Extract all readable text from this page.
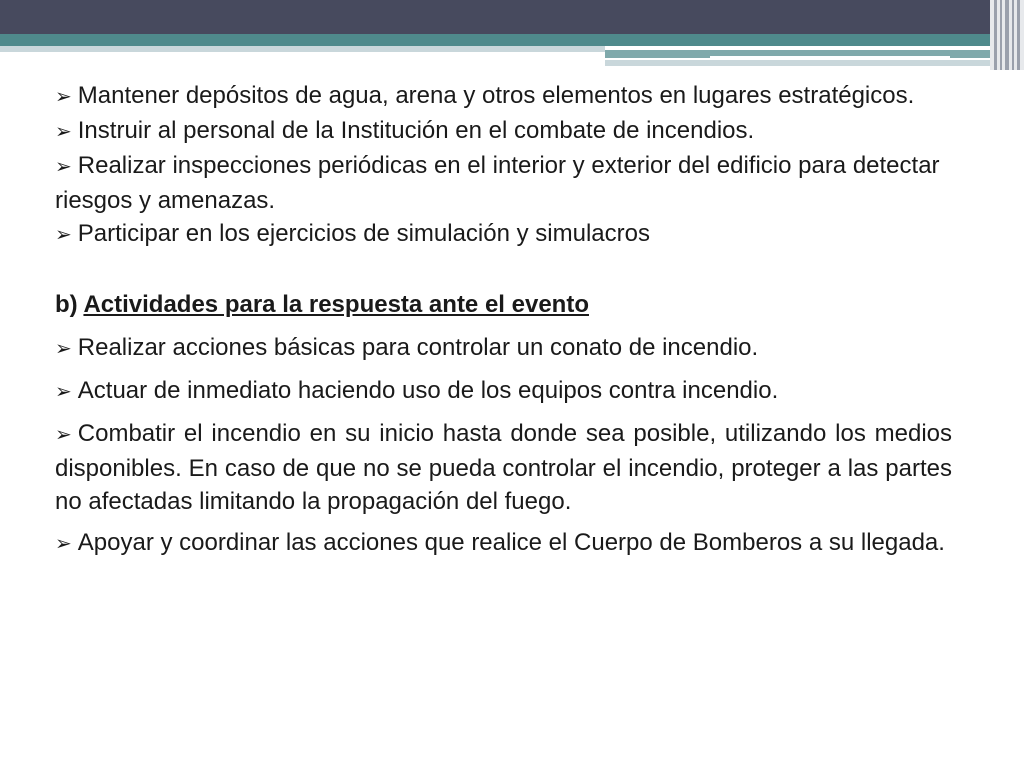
➢ Mantener depósitos de agua, arena y otros elementos en lugares estratégicos.

➢ Instruir al personal de la Institución en el combate de incendios.

➢ Realizar inspecciones periódicas en el interior y exterior del edificio para detectar riesgos y amenazas.

➢ Participar en los ejercicios de simulación y simulacros

b) Actividades para la respuesta ante el evento

➢ Realizar acciones básicas para controlar un conato de incendio.

➢ Actuar de inmediato haciendo uso de los equipos contra incendio.

➢ Combatir el incendio en su inicio hasta donde sea posible, utilizando los medios disponibles. En caso de que no se pueda controlar el incendio, proteger a las partes no afectadas limitando la propagación del fuego.

➢ Apoyar y coordinar las acciones que realice el Cuerpo de Bomberos a su llegada.
